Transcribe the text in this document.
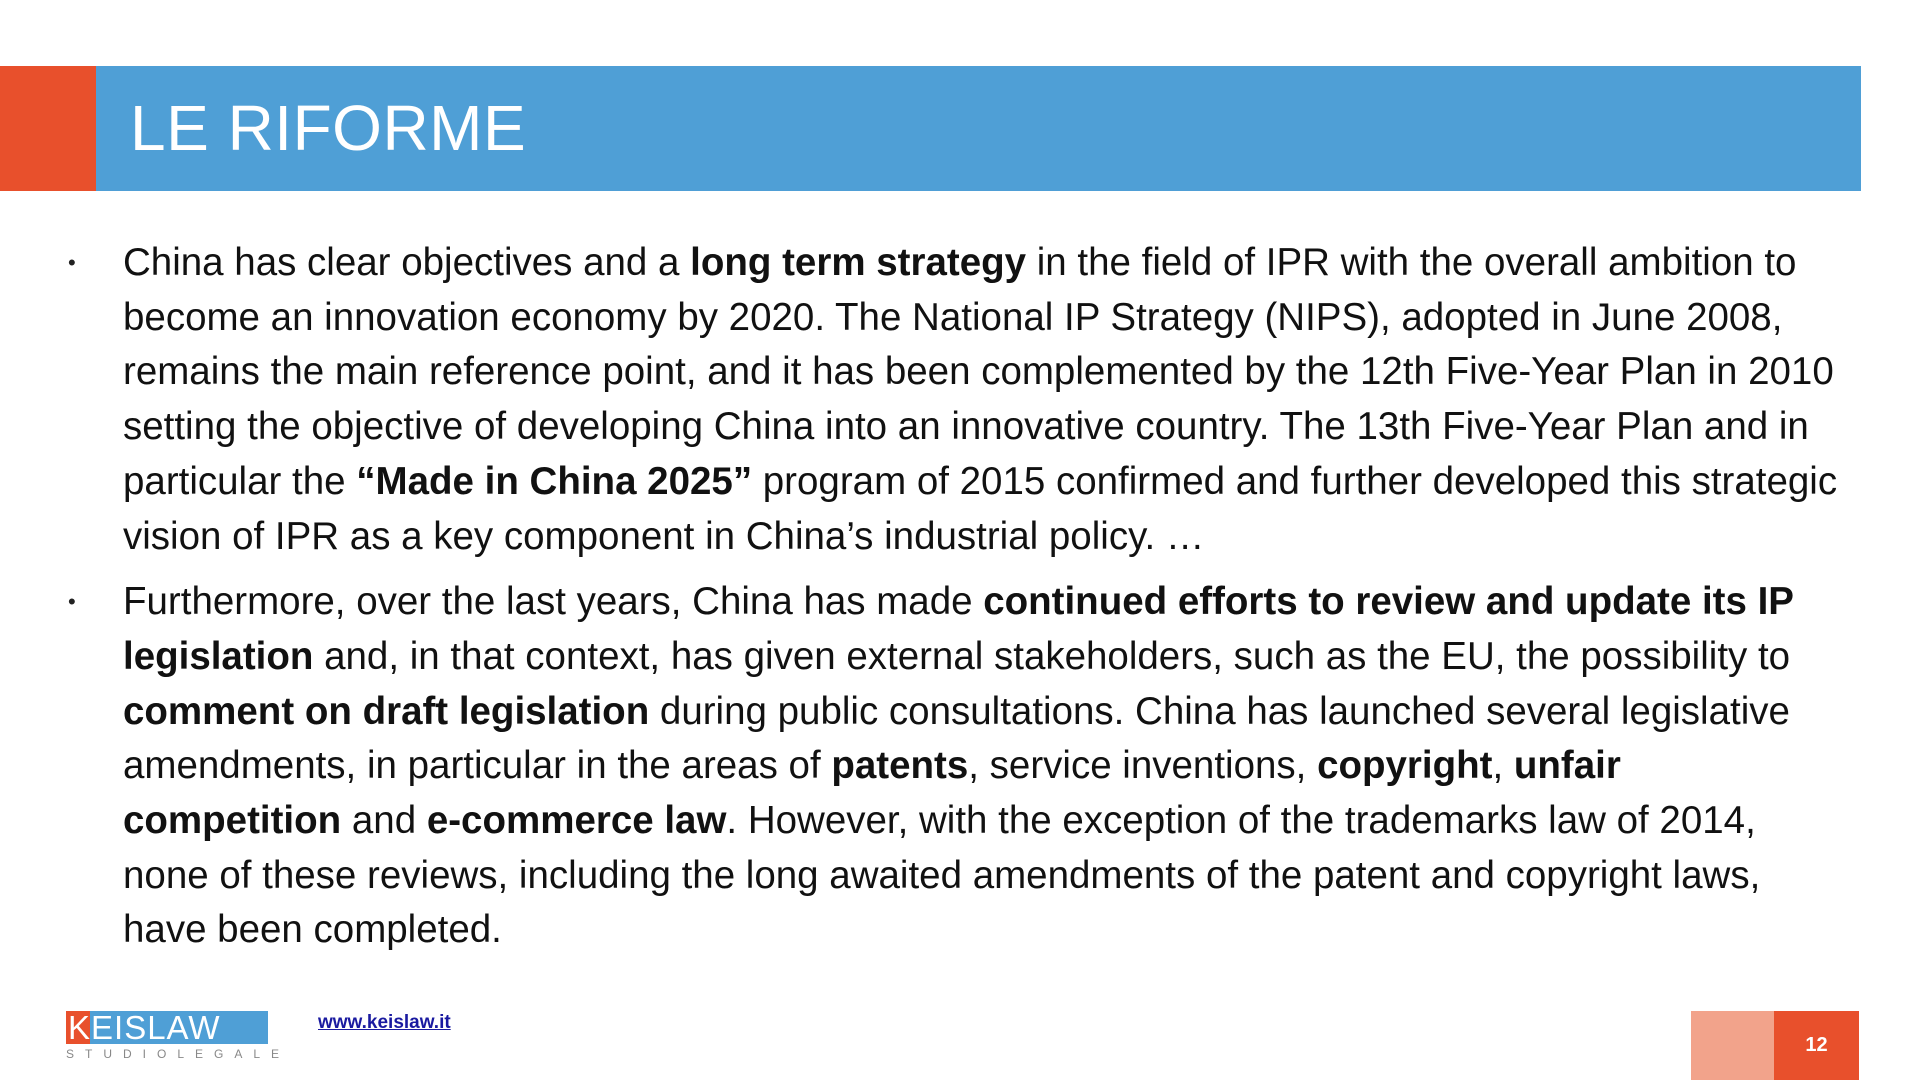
LE RIFORME
• China has clear objectives and a long term strategy in the field of IPR with the overall ambition to become an innovation economy by 2020. The National IP Strategy (NIPS), adopted in June 2008, remains the main reference point, and it has been complemented by the 12th Five-Year Plan in 2010 setting the objective of developing China into an innovative country. The 13th Five-Year Plan and in particular the “Made in China 2025” program of 2015 confirmed and further developed this strategic vision of IPR as a key component in China’s industrial policy. …
• Furthermore, over the last years, China has made continued efforts to review and update its IP legislation and, in that context, has given external stakeholders, such as the EU, the possibility to comment on draft legislation during public consultations. China has launched several legislative amendments, in particular in the areas of patents, service inventions, copyright, unfair competition and e-commerce law. However, with the exception of the trademarks law of 2014, none of these reviews, including the long awaited amendments of the patent and copyright laws, have been completed.
KEISLAW
STUDIOLEGALE
www.keislaw.it
12
